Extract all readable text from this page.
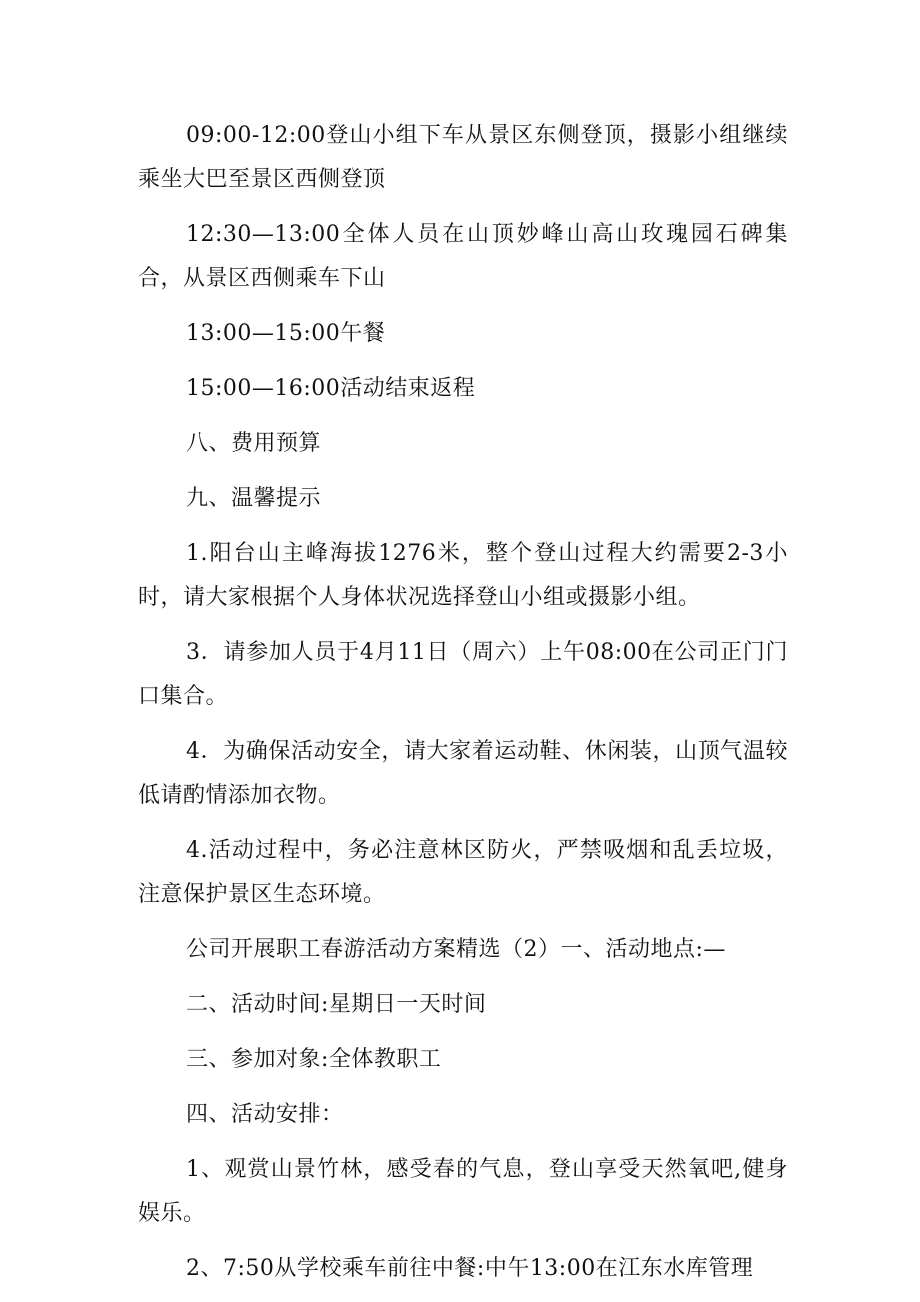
09:00-12:00登山小组下车从景区东侧登顶，摄影小组继续乘坐大巴至景区西侧登顶

12:30—13:00全体人员在山顶妙峰山高山玫瑰园石碑集合，从景区西侧乘车下山

13:00—15:00午餐

15:00—16:00活动结束返程

八、费用预算

九、温馨提示

1.阳台山主峰海拔1276米，整个登山过程大约需要2-3小时，请大家根据个人身体状况选择登山小组或摄影小组。

3．请参加人员于4月11日（周六）上午08:00在公司正门门口集合。

4．为确保活动安全，请大家着运动鞋、休闲装，山顶气温较低请酌情添加衣物。

4.活动过程中，务必注意林区防火，严禁吸烟和乱丢垃圾，注意保护景区生态环境。

公司开展职工春游活动方案精选（2）一、活动地点:—

二、活动时间:星期日一天时间

三、参加对象:全体教职工

四、活动安排：

1、观赏山景竹林，感受春的气息，登山享受天然氧吧,健身娱乐。

2、7:50从学校乘车前往中餐:中午13:00在江东水库管理
